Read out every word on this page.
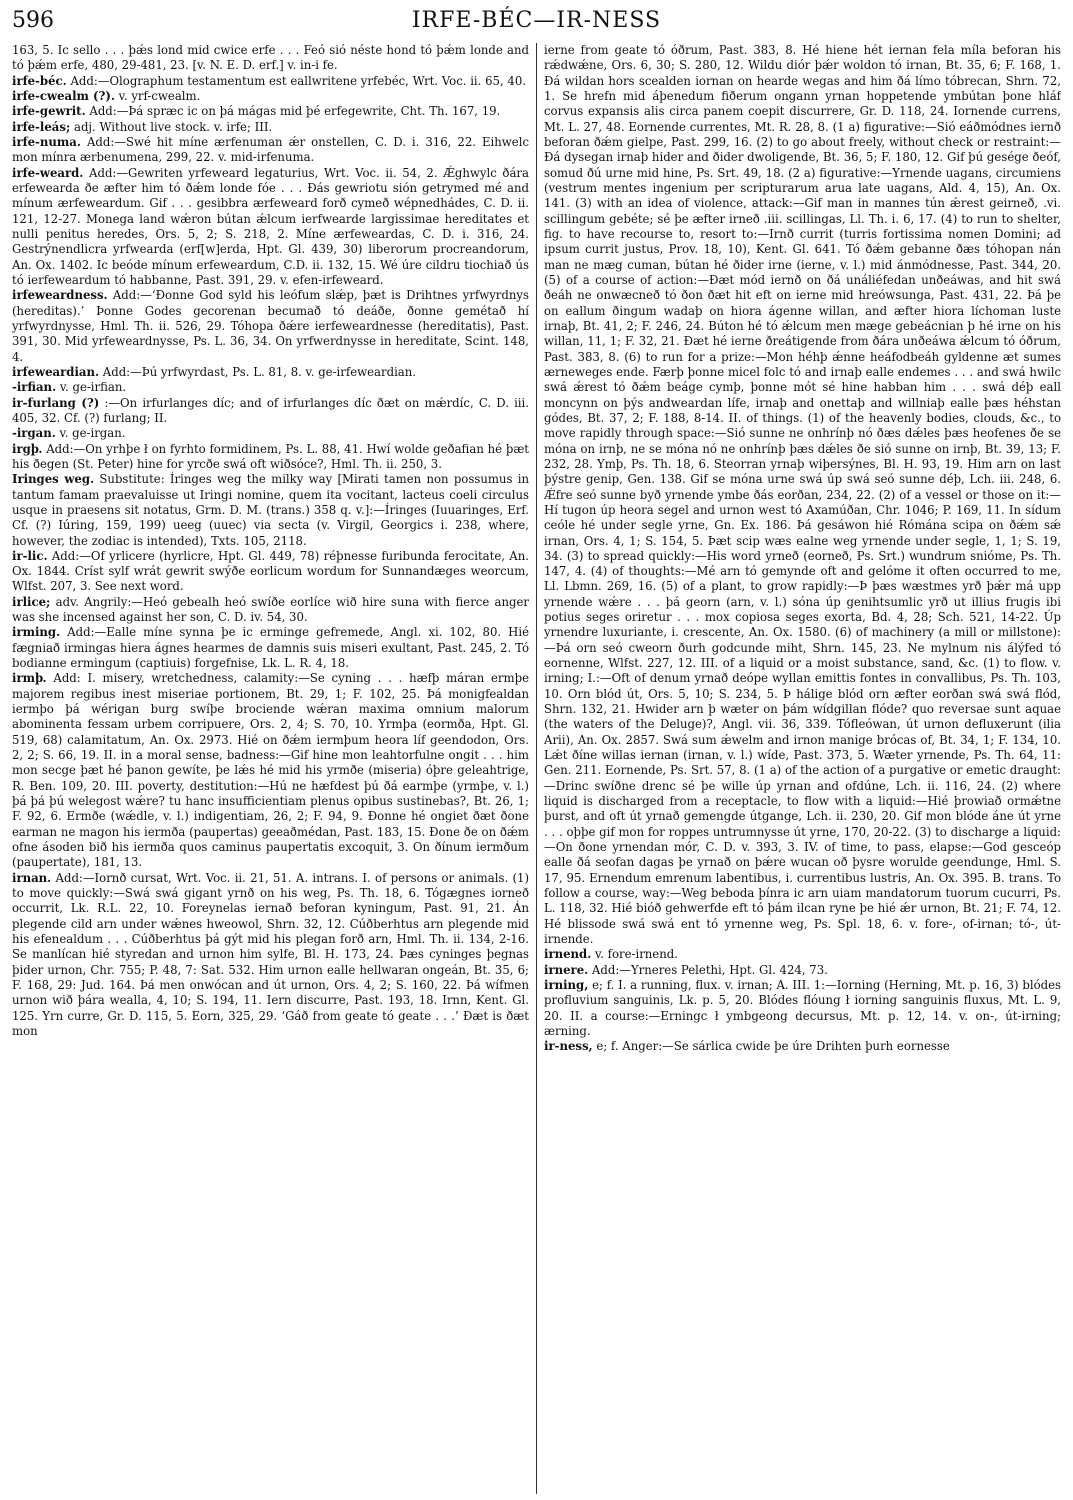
596	IRFE-BÉC—IR-NESS

163, 5. Ic sello . . . þǽs lond mid cwice erfe . . . Feó sió néste hond tó þǽm londe and tó þǽm erfe, 480, 29-481, 23. [v. N. E. D. erf.] v. in-i fe.

irfe-béc. Add:—Olographum testamentum est eallwritene yrfebéc, Wrt. Voc. ii. 65, 40.

irfe-cwealm (?). v. yrf-cwealm.

irfe-gewrit. Add:—Þá spræc ic on þá mágas mid þé erfegewrite, Cht. Th. 167, 19.

irfe-leás; adj. Without live stock. v. irfe; III.

irfe-numa. Add:—Swé hit míne ærfenuman ǽr onstellen, C. D. i. 316, 22. Eihwelc mon mínra ærbenumena, 299, 22. v. mid-irfenuma.

irfe-weard. Add:—Gewriten yrfeweard legaturius, Wrt. Voc. ii. 54, 2. Ǽghwylc ðára erfewearda ðe æfter him tó ðǽm londe fóe . . . Ðás gewriotu sión getrymed mé and mínum ærfeweardum. Gif . . . gesibbra ærfeweard forð cymeð wépnedhádes, C. D. ii. 121, 12-27. Monega land wǽron bútan ǽlcum ierfwearde largissimae hereditates et nulli penitus heredes, Ors. 5, 2; S. 218, 2. Míne ærfeweardas, C. D. i. 316, 24. Gestrýnendlicra yrfwearda (erf[w]erda, Hpt. Gl. 439, 30) liberorum procreandorum, An. Ox. 1402. Ic beóde mínum erfeweardum, C.D. ii. 132, 15. Wé úre cildru tiochiað ús tó ierfeweardum tó habbanne, Past. 391, 29. v. efen-irfeweard.

irfeweardness. Add:—‘Ðonne God syld his leófum slǽp, þæt is Drihtnes yrfwyrdnys (hereditas).’ Þonne Godes gecorenan becumað tó deáðe, ðonne gemétað hí yrfwyrdnysse, Hml. Th. ii. 526, 29. Tóhopa ðǽre ierfeweardnesse (hereditatis), Past. 391, 30. Mid yrfeweardnysse, Ps. L. 36, 34. On yrfwerdnysse in hereditate, Scint. 148, 4.

irfeweardian. Add:—Þú yrfwyrdast, Ps. L. 81, 8. v. ge-irfeweardian.

-irfian. v. ge-irfian.

ir-furlang (?) :—On irfurlanges díc; and of irfurlanges díc ðæt on mǽrdíc, C. D. iii. 405, 32. Cf. (?) furlang; II.

-irgan. v. ge-irgan.

irgþ. Add:—On yrhþe ł on fyrhto formidinem, Ps. L. 88, 41. Hwí wolde geðafian hé þæt his ðegen (St. Peter) hine for yrcðe swá oft wiðsóce?, Hml. Th. ii. 250, 3.

Iringes weg. Substitute: Íringes weg the milky way [Mirati tamen non possumus in tantum famam praevaluisse ut Iringi nomine, quem ita vocitant, lacteus coeli circulus usque in praesens sit notatus, Grm. D. M. (trans.) 358 q. v.]:—Íringes (Iuuaringes, Erf. Cf. (?) Iúring, 159, 199) ueeg (uuec) via secta (v. Virgil, Georgics i. 238, where, however, the zodiac is intended), Txts. 105, 2118.

ir-lic. Add:—Of yrlicere (hyrlicre, Hpt. Gl. 449, 78) réþnesse furibunda ferocitate, An. Ox. 1844. Críst sylf wrát gewrit swýðe eorlicum wordum for Sunnandæges weorcum, Wlfst. 207, 3. See next word.

irlice; adv. Angrily:—Heó gebealh heó swíðe eorlíce wið hire suna with fierce anger was she incensed against her son, C. D. iv. 54, 30.

irming. Add:—Ealle míne synna þe ic erminge gefremede, Angl. xi. 102, 80. Hié fægniað irmingas hiera ágnes hearmes de damnis suis miseri exultant, Past. 245, 2. Tó bodianne ermingum (captiuis) forgefnise, Lk. L. R. 4, 18.

irmþ. Add: I. misery, wretchedness, calamity:—Se cyning . . . hæfþ máran ermþe majorem regibus inest miseriae portionem, Bt. 29, 1; F. 102, 25. Þá monigfealdan iermþo þá wérigan burg swíþe brociende wǽran maxima omnium malorum abominenta fessam urbem corripuere, Ors. 2, 4; S. 70, 10. Yrmþa (eormða, Hpt. Gl. 519, 68) calamitatum, An. Ox. 2973. Hié on ðǽm iermþum heora líf geendodon, Ors. 2, 2; S. 66, 19. II. in a moral sense, badness:—Gif hine mon leahtorfulne ongit . . . him mon secge þæt hé þanon gewíte, þe lǽs hé mid his yrmðe (miseria) óþre geleahtrige, R. Ben. 109, 20. III. poverty, destitution:—Hú ne hæfdest þú ðá earmþe (yrmþe, v. l.) þá þá þú welegost wǽre? tu hanc insufficientiam plenus opibus sustinebas?, Bt. 26, 1; F. 92, 6. Ermðe (wǽdle, v. l.) indigentiam, 26, 2; F. 94, 9. Ðonne hé ongiet ðæt ðone earman ne magon his iermða (paupertas) geeaðmédan, Past. 183, 15. Ðone ðe on ðǽm ofne ásoden bið his iermða quos caminus paupertatis excoquit, 3. On ðínum iermðum (paupertate), 181, 13.

irnan. Add:—Iornð cursat, Wrt. Voc. ii. 21, 51. A. intrans. I. of persons or animals. (1) to move quickly:—Swá swá gigant yrnð on his weg, Ps. Th. 18, 6. Tógægnes iorneð occurrit, Lk. R.L. 22, 10. Foreynelas iernað beforan kyningum, Past. 91, 21. Án plegende cild arn under wǽnes hweowol, Shrn. 32, 12. Cúðberhtus arn plegende mid his efenealdum . . . Cúðberhtus þá gýt mid his plegan forð arn, Hml. Th. ii. 134, 2-16. Se manlícan hié styredan and urnon him sylfe, Bl. H. 173, 24. Þæs cyninges þegnas þider urnon, Chr. 755; P. 48, 7: Sat. 532. Him urnon ealle hellwaran ongeán, Bt. 35, 6; F. 168, 29: Jud. 164. Þá men onwócan and út urnon, Ors. 4, 2; S. 160, 22. Þá wífmen urnon wið þára wealla, 4, 10; S. 194, 11. Iern discurre, Past. 193, 18. Irnn, Kent. Gl. 125. Yrn curre, Gr. D. 115, 5. Eorn, 325, 29. ‘Gáð from geate tó geate . . .’ Ðæt is ðæt mon

ierne from geate tó óðrum, Past. 383, 8. Hé hiene hét iernan fela míla beforan his rǽdwǽne, Ors. 6, 30; S. 280, 12. Wildu diór þǽr woldon tó irnan, Bt. 35, 6; F. 168, 1. Ðá wildan hors scealden iornan on hearde wegas and him ðá límo tóbrecan, Shrn. 72, 1. Se hrefn mid áþenedum fiðerum ongann yrnan hoppetende ymbútan þone hláf corvus expansis alis circa panem coepit discurrere, Gr. D. 118, 24. Iornende currens, Mt. L. 27, 48. Eornende currentes, Mt. R. 28, 8. (1 a) figurative:—Sió eáðmódnes iernð beforan ðǽm gielpe, Past. 299, 16. (2) to go about freely, without check or restraint:—Ðá dysegan irnaþ hider and ðider dwoligende, Bt. 36, 5; F. 180, 12. Gif þú gesége ðeóf, somud ðú urne mid hine, Ps. Srt. 49, 18. (2 a) figurative:—Yrnende uagans, circumiens (vestrum mentes ingenium per scripturarum arua late uagans, Ald. 4, 15), An. Ox. 141. (3) with an idea of violence, attack:—Gif man in mannes tún ǽrest geirneð, .vi. scillingum gebéte; sé þe æfter irneð .iii. scillingas, Ll. Th. i. 6, 17. (4) to run to shelter, fig. to have recourse to, resort to:—Irnð currit (turris fortissima nomen Domini; ad ipsum currit justus, Prov. 18, 10), Kent. Gl. 641. Tó ðǽm gebanne ðæs tóhopan nán man ne mæg cuman, bútan hé ðider irne (ierne, v. l.) mid ánmódnesse, Past. 344, 20. (5) of a course of action:—Ðæt mód iernð on ðá unáliéfedan unðeáwas, and hit swá ðeáh ne onwæcneð tó ðon ðæt hit eft on ierne mid hreówsunga, Past. 431, 22. Þá þe on eallum ðingum wadaþ on hiora ágenne willan, and æfter hiora líchoman luste irnaþ, Bt. 41, 2; F. 246, 24. Búton hé tó ǽlcum men mæge gebeácnian þ hé irne on his willan, 11, 1; F. 32, 21. Ðæt hé ierne ðreátigende from ðára unðeáwa ǽlcum tó óðrum, Past. 383, 8. (6) to run for a prize:—Mon héhþ ǽnne heáfodbeáh gyldenne æt sumes ærneweges ende. Færþ þonne micel folc tó and irnaþ ealle endemes . . . and swá hwilc swá ǽrest tó ðǽm beáge cymþ, þonne mót sé hine habban him . . . swá déþ eall moncynn on þýs andweardan lífe, irnaþ and onettaþ and willniaþ ealle þæs héhstan gódes, Bt. 37, 2; F. 188, 8-14. II. of things. (1) of the heavenly bodies, clouds, &c., to move rapidly through space:—Sió sunne ne onhrínþ nó ðæs dǽles þæs heofenes ðe se móna on irnþ, ne se móna nó ne onhrínþ þæs dǽles ðe sió sunne on irnþ, Bt. 39, 13; F. 232, 28. Ymþ, Ps. Th. 18, 6. Steorran yrnaþ wiþersýnes, Bl. H. 93, 19. Him arn on last þýstre genip, Gen. 138. Gif se móna urne swá úp swá seó sunne déþ, Lch. iii. 248, 6. Ǽfre seó sunne byð yrnende ymbe ðás eorðan, 234, 22. (2) of a vessel or those on it:—Hí tugon úp heora segel and urnon west tó Axamúðan, Chr. 1046; P. 169, 11. In sídum ceóle hé under segle yrne, Gn. Ex. 186. Þá gesáwon hié Rómána scipa on ðǽm sǽ irnan, Ors. 4, 1; S. 154, 5. Þæt scip wæs ealne weg yrnende under segle, 1, 1; S. 19, 34. (3) to spread quickly:—His word yrneð (eorneð, Ps. Srt.) wundrum snióme, Ps. Th. 147, 4. (4) of thoughts:—Mé arn tó gemynde oft and gelóme it often occurred to me, Ll. Lbmn. 269, 16. (5) of a plant, to grow rapidly:—Þ þæs wæstmes yrð þǽr má upp yrnende wǽre . . . þá georn (arn, v. l.) sóna úp genihtsumlic yrð ut illius frugis ibi potius seges oriretur . . . mox copiosa seges exorta, Bd. 4, 28; Sch. 521, 14-22. Úp yrnendre luxuriante, i. crescente, An. Ox. 1580. (6) of machinery (a mill or millstone):—Þá orn seó cweorn ðurh godcunde miht, Shrn. 145, 23. Ne mylnum nis álýfed tó eornenne, Wlfst. 227, 12. III. of a liquid or a moist substance, sand, &c. (1) to flow. v. irning; I.:—Oft of denum yrnað deópe wyllan emittis fontes in convallibus, Ps. Th. 103, 10. Orn blód út, Ors. 5, 10; S. 234, 5. Þ hálige blód orn æfter eorðan swá swá flód, Shrn. 132, 21. Hwider arn þ wæter on þám wídgillan flóde? quo reversae sunt aquae (the waters of the Deluge)?, Angl. vii. 36, 339. Tófleówan, út urnon defluxerunt (ilia Arii), An. Ox. 2857. Swá sum ǽwelm and irnon manige brócas of, Bt. 34, 1; F. 134, 10. Lǽt ðíne willas iernan (irnan, v. l.) wíde, Past. 373, 5. Wæter yrnende, Ps. Th. 64, 11: Gen. 211. Eornende, Ps. Srt. 57, 8. (1 a) of the action of a purgative or emetic draught:—Drinc swíðne drenc sé þe wille úp yrnan and ofdúne, Lch. ii. 116, 24. (2) where liquid is discharged from a receptacle, to flow with a liquid:—Hié þrowiað ormǽtne þurst, and oft út yrnað gemengde útgange, Lch. ii. 230, 20. Gif mon blóde áne út yrne . . . oþþe gif mon for roppes untrumnysse út yrne, 170, 20-22. (3) to discharge a liquid:—On ðone yrnendan mór, C. D. v. 393, 3. IV. of time, to pass, elapse:—God gesceóp ealle ðá seofan dagas þe yrnað on þǽre wucan oð þysre woruldе geendunge, Hml. S. 17, 95. Ernendum emrenum labentibus, i. currentibus lustris, An. Ox. 395. B. trans. To follow a course, way:—Weg beboda þínra ic arn uiam mandatorum tuorum cucurri, Ps. L. 118, 32. Hié bióð gehwerfde eft tó þám ilcan ryne þe hié ǽr urnon, Bt. 21; F. 74, 12. Hé blissode swá swá ent tó yrnenne weg, Ps. Spl. 18, 6. v. fore-, of-irnan; tó-, út-irnende.

irnend. v. fore-irnend.

irnere. Add:—Yrneres Pelethi, Hpt. Gl. 424, 73.

irning, e; f. I. a running, flux. v. irnan; A. III. 1:—Iorning (Herning, Mt. p. 16, 3) blódes profluvium sanguinis, Lk. p. 5, 20. Blódes flóung ł iorning sanguinis fluxus, Mt. L. 9, 20. II. a course:—Erningc ł ymbgeong decursus, Mt. p. 12, 14. v. on-, út-irning; ærning.

ir-ness, e; f. Anger:—Se sárlica cwide þe úre Drihten þurh eornesse
